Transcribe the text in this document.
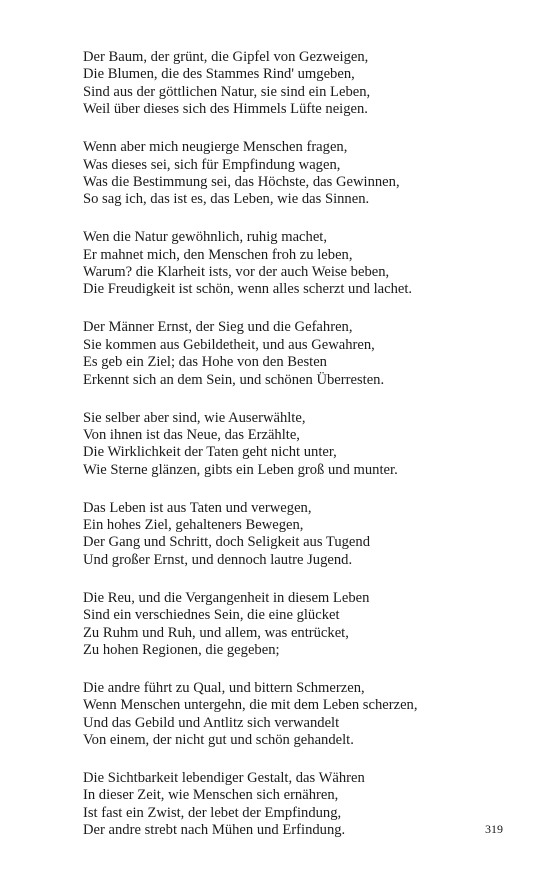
Der Baum, der grünt, die Gipfel von Gezweigen,
Die Blumen, die des Stammes Rind' umgeben,
Sind aus der göttlichen Natur, sie sind ein Leben,
Weil über dieses sich des Himmels Lüfte neigen.
Wenn aber mich neugierge Menschen fragen,
Was dieses sei, sich für Empfindung wagen,
Was die Bestimmung sei, das Höchste, das Gewinnen,
So sag ich, das ist es, das Leben, wie das Sinnen.
Wen die Natur gewöhnlich, ruhig machet,
Er mahnet mich, den Menschen froh zu leben,
Warum? die Klarheit ists, vor der auch Weise beben,
Die Freudigkeit ist schön, wenn alles scherzt und lachet.
Der Männer Ernst, der Sieg und die Gefahren,
Sie kommen aus Gebildetheit, und aus Gewahren,
Es geb ein Ziel; das Hohe von den Besten
Erkennt sich an dem Sein, und schönen Überresten.
Sie selber aber sind, wie Auserwählte,
Von ihnen ist das Neue, das Erzählte,
Die Wirklichkeit der Taten geht nicht unter,
Wie Sterne glänzen, gibts ein Leben groß und munter.
Das Leben ist aus Taten und verwegen,
Ein hohes Ziel, gehalteners Bewegen,
Der Gang und Schritt, doch Seligkeit aus Tugend
Und großer Ernst, und dennoch lautre Jugend.
Die Reu, und die Vergangenheit in diesem Leben
Sind ein verschiednes Sein, die eine glücket
Zu Ruhm und Ruh, und allem, was entrücket,
Zu hohen Regionen, die gegeben;
Die andre führt zu Qual, und bittern Schmerzen,
Wenn Menschen untergehn, die mit dem Leben scherzen,
Und das Gebild und Antlitz sich verwandelt
Von einem, der nicht gut und schön gehandelt.
Die Sichtbarkeit lebendiger Gestalt, das Währen
In dieser Zeit, wie Menschen sich ernähren,
Ist fast ein Zwist, der lebet der Empfindung,
Der andre strebt nach Mühen und Erfindung.	319
